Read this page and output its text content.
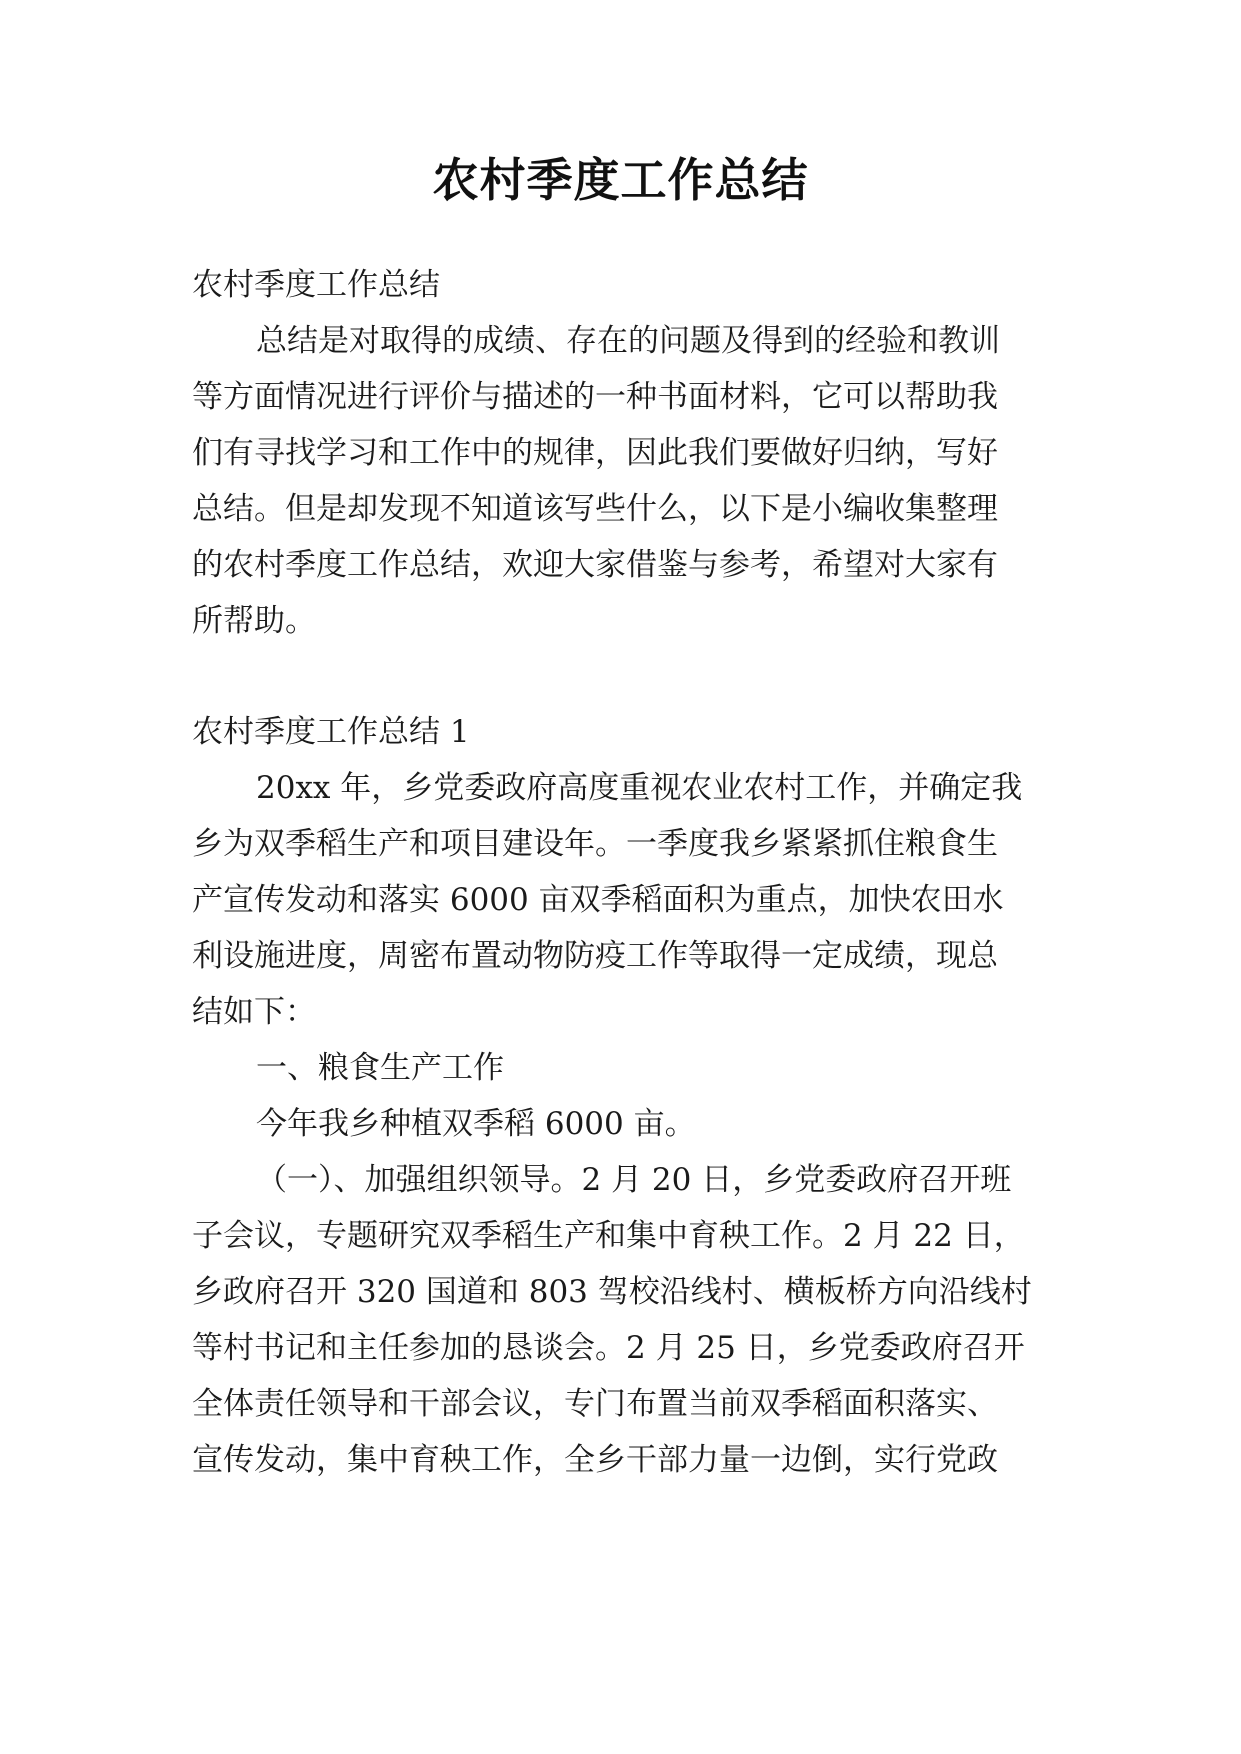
农村季度工作总结
农村季度工作总结
总结是对取得的成绩、存在的问题及得到的经验和教训
等方面情况进行评价与描述的一种书面材料，它可以帮助我
们有寻找学习和工作中的规律，因此我们要做好归纳，写好
总结。但是却发现不知道该写些什么，以下是小编收集整理
的农村季度工作总结，欢迎大家借鉴与参考，希望对大家有
所帮助。
农村季度工作总结 1
20xx 年，乡党委政府高度重视农业农村工作，并确定我
乡为双季稻生产和项目建设年。一季度我乡紧紧抓住粮食生
产宣传发动和落实 6000 亩双季稻面积为重点，加快农田水
利设施进度，周密布置动物防疫工作等取得一定成绩，现总
结如下：
一、粮食生产工作
今年我乡种植双季稻 6000 亩。
（一）、加强组织领导。2 月 20 日，乡党委政府召开班
子会议，专题研究双季稻生产和集中育秧工作。2 月 22 日，
乡政府召开 320 国道和 803 驾校沿线村、横板桥方向沿线村
等村书记和主任参加的恳谈会。2 月 25 日，乡党委政府召开
全体责任领导和干部会议，专门布置当前双季稻面积落实、
宣传发动，集中育秧工作，全乡干部力量一边倒，实行党政
